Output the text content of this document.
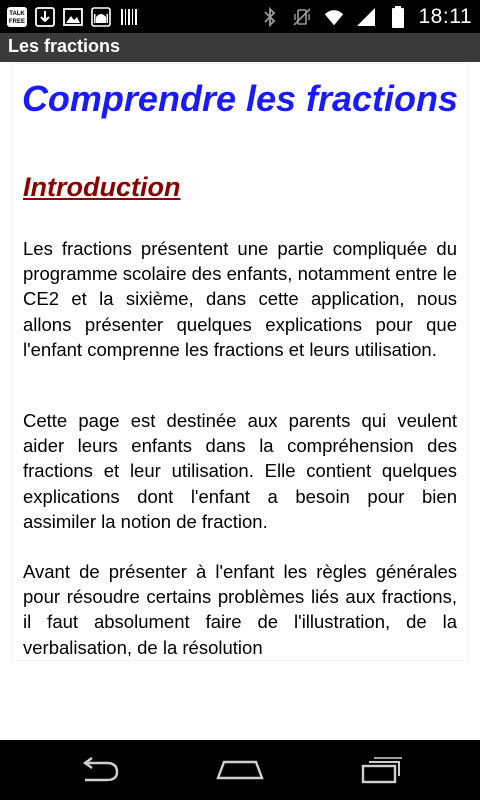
TALK
FREE	18:11
Les fractions
Comprendre les fractions
Introduction

Les fractions présentent une partie compliquée du programme scolaire des enfants, notamment entre le CE2 et la sixième, dans cette application, nous allons présenter quelques explications pour que l'enfant comprenne les fractions et leurs utilisation.

Cette page est destinée aux parents qui veulent aider leurs enfants dans la compréhension des fractions et leur utilisation. Elle contient quelques explications dont l'enfant a besoin pour bien assimiler la notion de fraction.

Avant de présenter à l'enfant les règles générales pour résoudre certains problèmes liés aux fractions, il faut absolument faire de l'illustration, de la verbalisation, de la résolution
